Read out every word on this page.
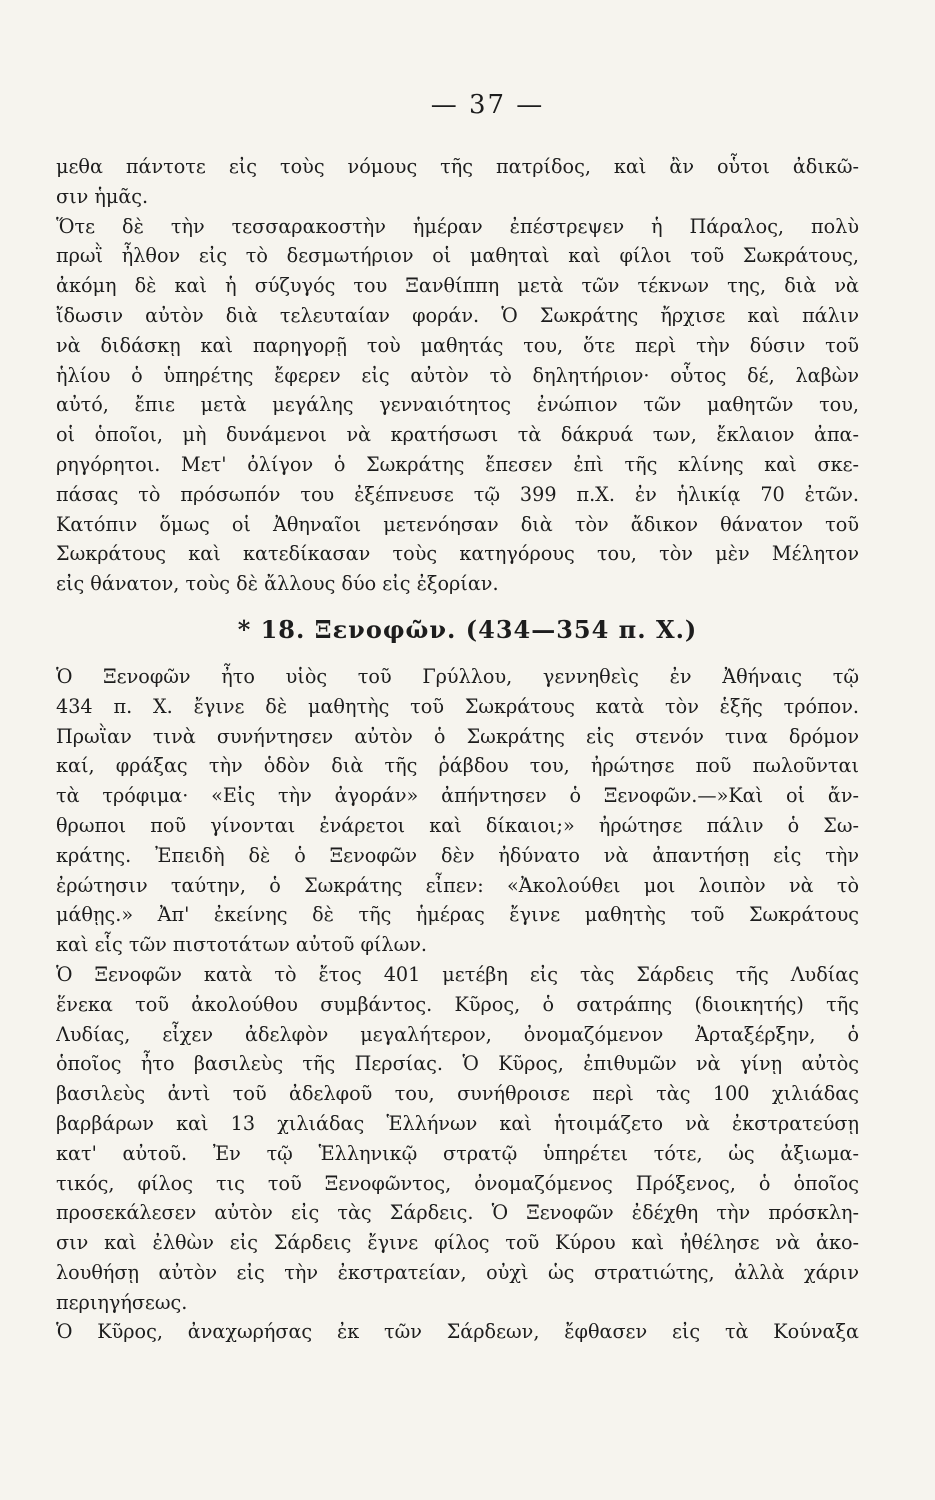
— 37 —
μεθα πάντοτε εἰς τοὺς νόμους τῆς πατρίδος, καὶ ἂν οὗτοι ἀδικῶ-
σιν ἡμᾶς.
Ὅτε δὲ τὴν τεσσαρακοστὴν ἡμέραν ἐπέστρεψεν ἡ Πάραλος, πολὺ
πρωῒ ἦλθον εἰς τὸ δεσμωτήριον οἱ μαθηταὶ καὶ φίλοι τοῦ Σωκράτους,
ἀκόμη δὲ καὶ ἡ σύζυγός του Ξανθίππη μετὰ τῶν τέκνων της, διὰ νὰ
ἴδωσιν αὐτὸν διὰ τελευταίαν φοράν. Ὁ Σωκράτης ἤρχισε καὶ πάλιν
νὰ διδάσκῃ καὶ παρηγορῇ τοὺ μαθητάς του, ὅτε περὶ τὴν δύσιν τοῦ
ἡλίου ὁ ὑπηρέτης ἔφερεν εἰς αὐτὸν τὸ δηλητήριον· οὗτος δέ, λαβὼν
αὐτό, ἔπιε μετὰ μεγάλης γενναιότητος ἐνώπιον τῶν μαθητῶν του,
οἱ ὁποῖοι, μὴ δυνάμενοι νὰ κρατήσωσι τὰ δάκρυά των, ἔκλαιον ἀπα-
ρηγόρητοι. Μετ' ὀλίγον ὁ Σωκράτης ἔπεσεν ἐπὶ τῆς κλίνης καὶ σκε-
πάσας τὸ πρόσωπόν του ἐξέπνευσε τῷ 399 π.Χ. ἐν ἡλικίᾳ 70 ἐτῶν.
Κατόπιν ὅμως οἱ Ἀθηναῖοι μετενόησαν διὰ τὸν ἄδικον θάνατον τοῦ
Σωκράτους καὶ κατεδίκασαν τοὺς κατηγόρους του, τὸν μὲν Μέλητον
εἰς θάνατον, τοὺς δὲ ἄλλους δύο εἰς ἐξορίαν.
* 18. Ξενοφῶν. (434—354 π. Χ.)
Ὁ Ξενοφῶν ἦτο υἱὸς τοῦ Γρύλλου, γεννηθεὶς ἐν Ἀθήναις τῷ
434 π. Χ. ἔγινε δὲ μαθητὴς τοῦ Σωκράτους κατὰ τὸν ἑξῆς τρόπον.
Πρωῒαν τινὰ συνήντησεν αὐτὸν ὁ Σωκράτης εἰς στενόν τινα δρόμον
καί, φράξας τὴν ὁδὸν διὰ τῆς ῥάβδου του, ἠρώτησε ποῦ πωλοῦνται
τὰ τρόφιμα· «Εἰς τὴν ἀγοράν» ἀπήντησεν ὁ Ξενοφῶν.—»Καὶ οἱ ἄν-
θρωποι ποῦ γίνονται ἐνάρετοι καὶ δίκαιοι;» ἠρώτησε πάλιν ὁ Σω-
κράτης. Ἐπειδὴ δὲ ὁ Ξενοφῶν δὲν ἠδύνατο νὰ ἀπαντήσῃ εἰς τὴν
ἐρώτησιν ταύτην, ὁ Σωκράτης εἶπεν: «Ἀκολούθει μοι λοιπὸν νὰ τὸ
μάθῃς.» Ἀπ' ἐκείνης δὲ τῆς ἡμέρας ἔγινε μαθητὴς τοῦ Σωκράτους
καὶ εἷς τῶν πιστοτάτων αὐτοῦ φίλων.
Ὁ Ξενοφῶν κατὰ τὸ ἔτος 401 μετέβη εἰς τὰς Σάρδεις τῆς Λυδίας
ἕνεκα τοῦ ἀκολούθου συμβάντος. Κῦρος, ὁ σατράπης (διοικητής) τῆς
Λυδίας, εἶχεν ἀδελφὸν μεγαλήτερον, ὀνομαζόμενον Ἀρταξέρξην, ὁ
ὁποῖος ἦτο βασιλεὺς τῆς Περσίας. Ὁ Κῦρος, ἐπιθυμῶν νὰ γίνῃ αὐτὸς
βασιλεὺς ἀντὶ τοῦ ἀδελφοῦ του, συνήθροισε περὶ τὰς 100 χιλιάδας
βαρβάρων καὶ 13 χιλιάδας Ἑλλήνων καὶ ἡτοιμάζετο νὰ ἐκστρατεύσῃ
κατ' αὐτοῦ. Ἐν τῷ Ἑλληνικῷ στρατῷ ὑπηρέτει τότε, ὡς ἀξιωμα-
τικός, φίλος τις τοῦ Ξενοφῶντος, ὀνομαζόμενος Πρόξενος, ὁ ὁποῖος
προσεκάλεσεν αὐτὸν εἰς τὰς Σάρδεις. Ὁ Ξενοφῶν ἐδέχθη τὴν πρόσκλη-
σιν καὶ ἐλθὼν εἰς Σάρδεις ἔγινε φίλος τοῦ Κύρου καὶ ἠθέλησε νὰ ἀκο-
λουθήσῃ αὐτὸν εἰς τὴν ἐκστρατείαν, οὐχὶ ὡς στρατιώτης, ἀλλὰ χάριν
περιηγήσεως.
Ὁ Κῦρος, ἀναχωρήσας ἐκ τῶν Σάρδεων, ἔφθασεν εἰς τὰ Κούναξα
